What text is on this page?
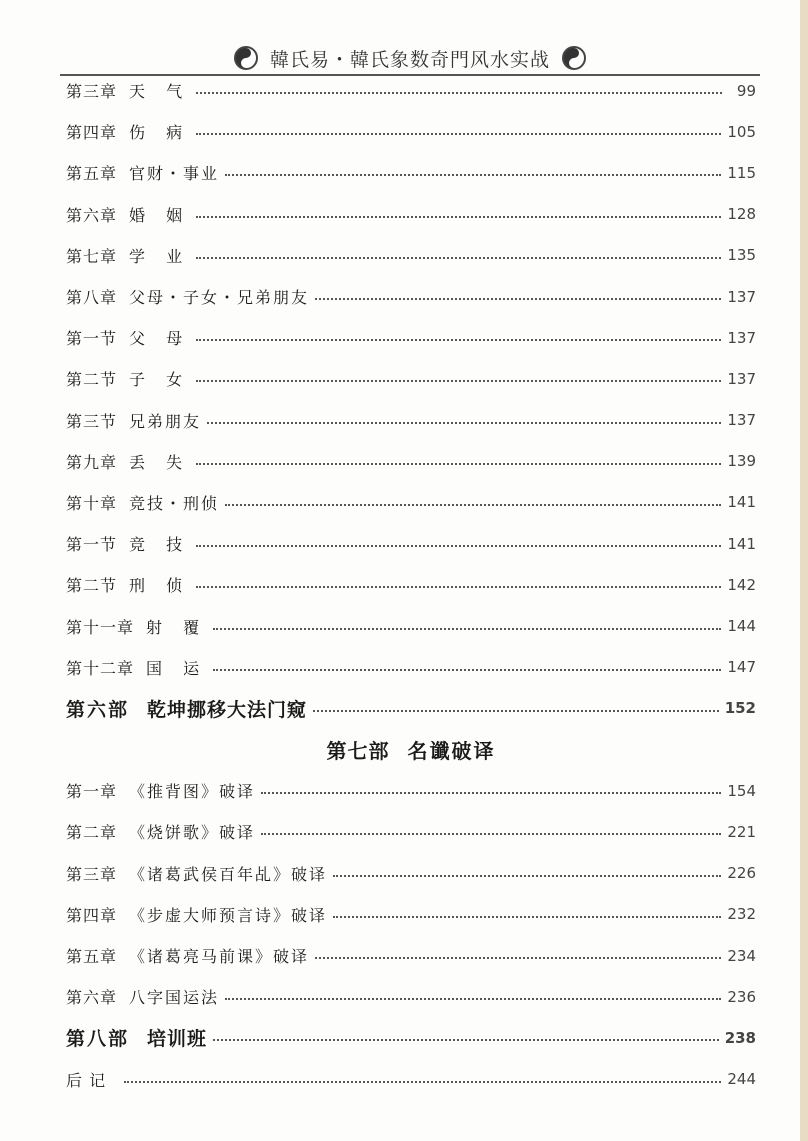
韓氏易・韓氏象数奇門风水实战
第三章 天 气	99
第四章 伤 病	105
第五章 官财・事业	115
第六章 婚 姻	128
第七章 学 业	135
第八章 父母・子女・兄弟朋友	137
第一节 父 母	137
第二节 子 女	137
第三节 兄弟朋友	137
第九章 丢 失	139
第十章 竞技・刑侦	141
第一节 竞 技	141
第二节 刑 侦	142
第十一章 射 覆	144
第十二章 国 运	147
第六部 乾坤挪移大法门窥	152
第七部 名谶破译
第一章 《推背图》破译	154
第二章 《烧饼歌》破译	221
第三章 《诸葛武侯百年乩》破译	226
第四章 《步虚大师预言诗》破译	232
第五章 《诸葛亮马前课》破译	234
第六章 八字国运法	236
第八部 培训班	238
后 记	244
